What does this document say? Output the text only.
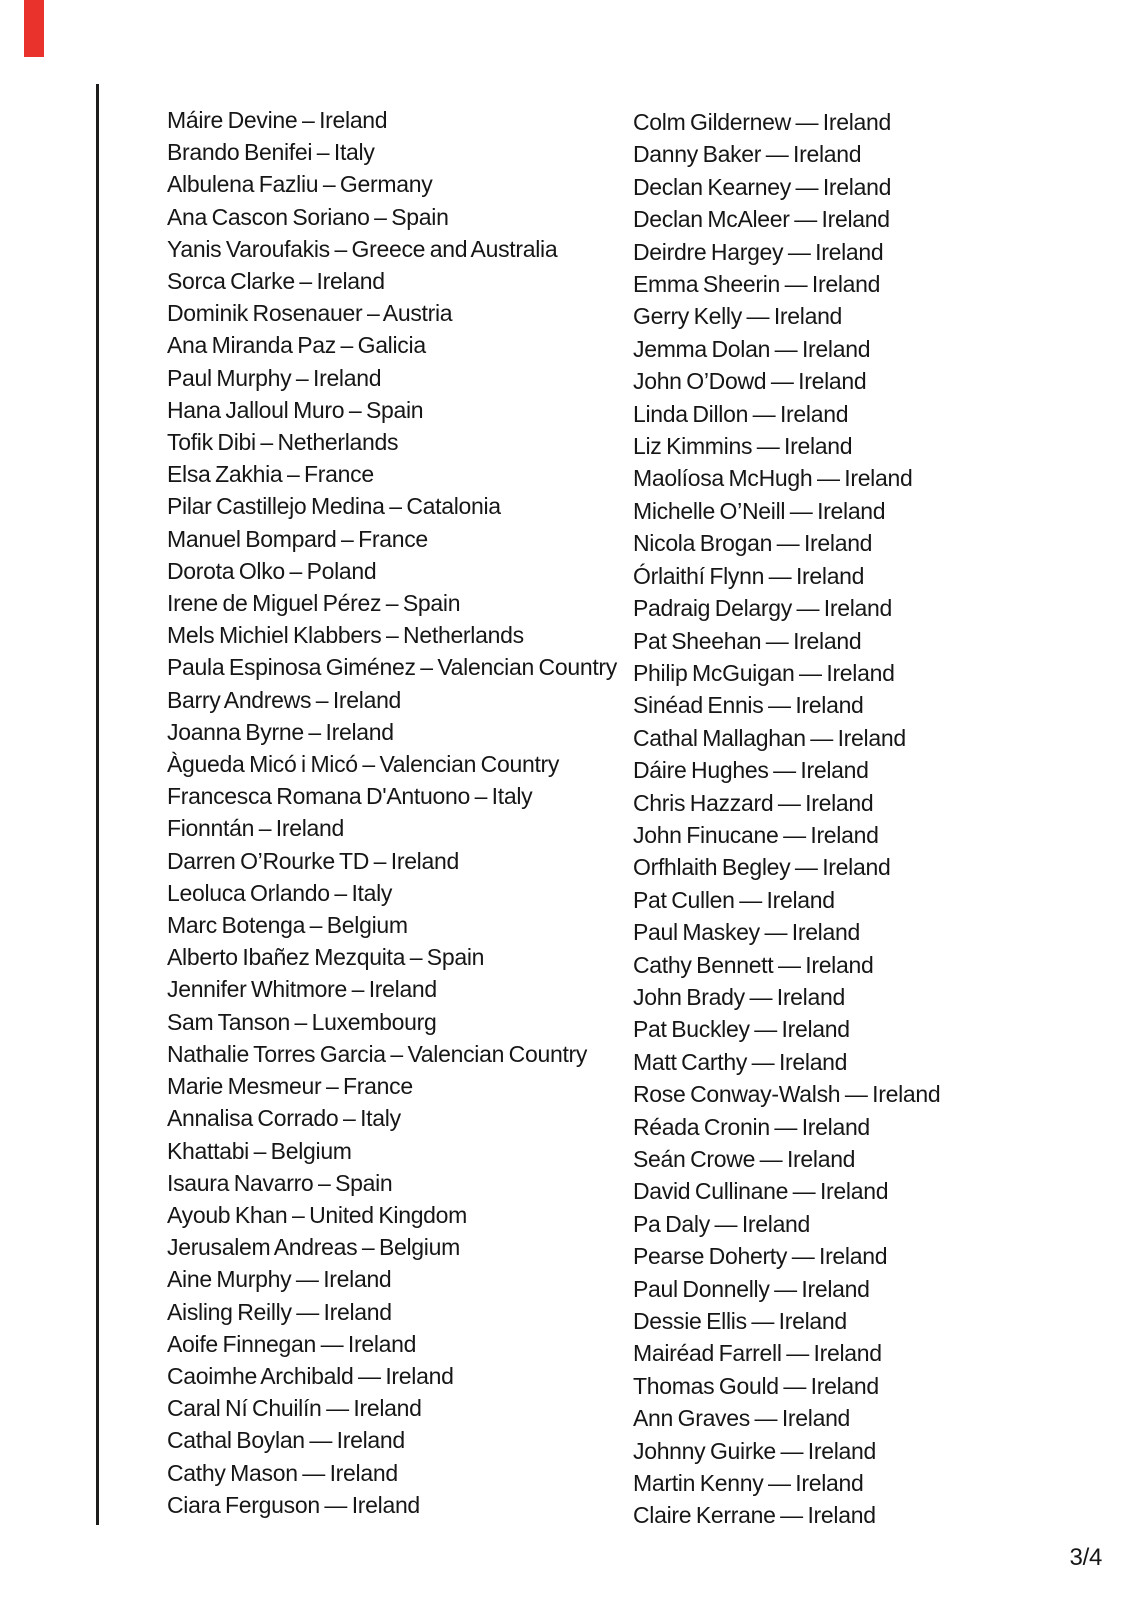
Máire Devine – Ireland
Brando Benifei – Italy
Albulena Fazliu – Germany
Ana Cascon Soriano – Spain
Yanis Varoufakis – Greece and Australia
Sorca Clarke – Ireland
Dominik Rosenauer – Austria
Ana Miranda Paz – Galicia
Paul Murphy – Ireland
Hana Jalloul Muro – Spain
Tofik Dibi – Netherlands
Elsa Zakhia – France
Pilar Castillejo Medina – Catalonia
Manuel Bompard – France
Dorota Olko – Poland
Irene de Miguel Pérez – Spain
Mels Michiel Klabbers – Netherlands
Paula Espinosa Giménez – Valencian Country
Barry Andrews – Ireland
Joanna Byrne – Ireland
Àgueda Micó i Micó – Valencian Country
Francesca Romana D'Antuono – Italy
Fionntán – Ireland
Darren O’Rourke TD – Ireland
Leoluca Orlando – Italy
Marc Botenga – Belgium
Alberto Ibañez Mezquita – Spain
Jennifer Whitmore – Ireland
Sam Tanson – Luxembourg
Nathalie Torres Garcia – Valencian Country
Marie Mesmeur – France
Annalisa Corrado – Italy
Khattabi – Belgium
Isaura Navarro – Spain
Ayoub Khan – United Kingdom
Jerusalem Andreas – Belgium
Aine Murphy — Ireland
Aisling Reilly — Ireland
Aoife Finnegan — Ireland
Caoimhe Archibald — Ireland
Caral Ní Chuilín — Ireland
Cathal Boylan — Ireland
Cathy Mason — Ireland
Ciara Ferguson — Ireland
Colm Gildernew — Ireland
Danny Baker — Ireland
Declan Kearney — Ireland
Declan McAleer — Ireland
Deirdre Hargey — Ireland
Emma Sheerin — Ireland
Gerry Kelly — Ireland
Jemma Dolan — Ireland
John O’Dowd — Ireland
Linda Dillon — Ireland
Liz Kimmins — Ireland
Maolíosa McHugh — Ireland
Michelle O’Neill — Ireland
Nicola Brogan — Ireland
Órlaithí Flynn — Ireland
Padraig Delargy — Ireland
Pat Sheehan — Ireland
Philip McGuigan — Ireland
Sinéad Ennis — Ireland
Cathal Mallaghan — Ireland
Dáire Hughes — Ireland
Chris Hazzard — Ireland
John Finucane — Ireland
Orfhlaith Begley — Ireland
Pat Cullen — Ireland
Paul Maskey — Ireland
Cathy Bennett — Ireland
John Brady — Ireland
Pat Buckley — Ireland
Matt Carthy — Ireland
Rose Conway-Walsh — Ireland
Réada Cronin — Ireland
Seán Crowe — Ireland
David Cullinane — Ireland
Pa Daly — Ireland
Pearse Doherty — Ireland
Paul Donnelly — Ireland
Dessie Ellis — Ireland
Mairéad Farrell — Ireland
Thomas Gould — Ireland
Ann Graves — Ireland
Johnny Guirke — Ireland
Martin Kenny — Ireland
Claire Kerrane — Ireland
3/4
